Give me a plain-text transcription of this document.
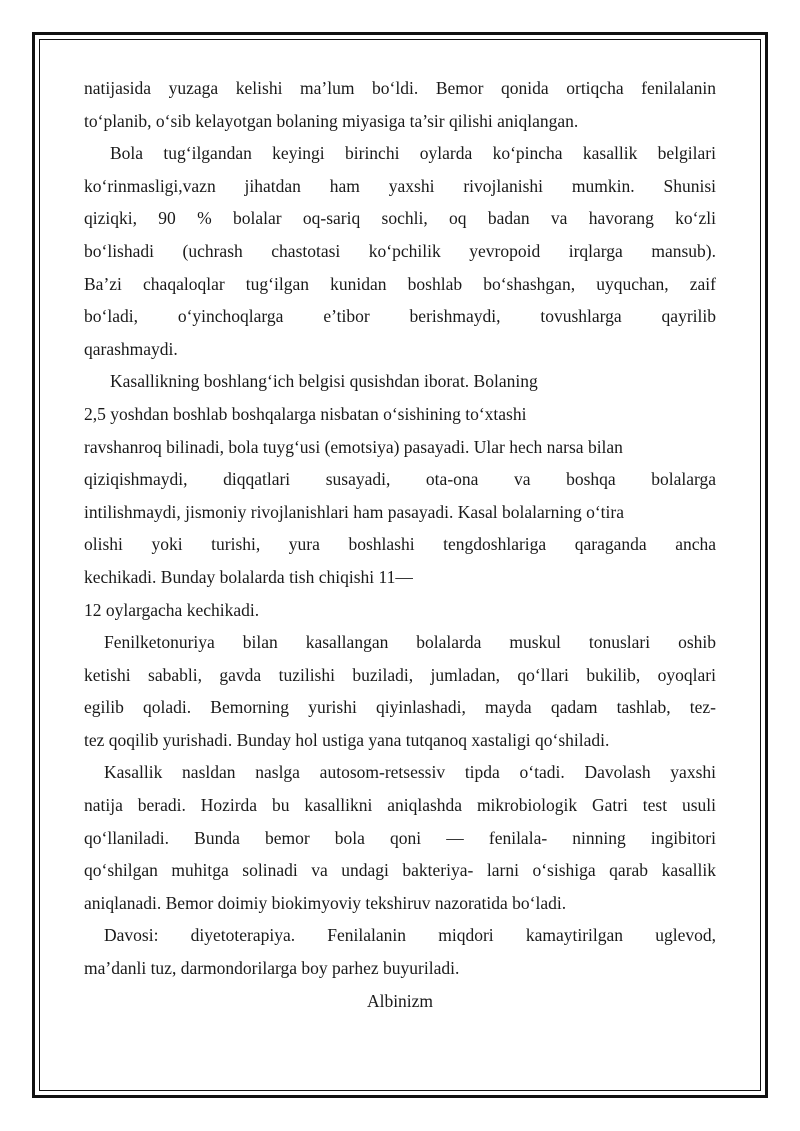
natijasida yuzaga kelishi ma’lum bo‘ldi. Bemor qonida ortiqcha fenilalanin
to‘planib, o‘sib kelayotgan bolaning miyasiga ta’sir qilishi aniqlangan.
Bola tug‘ilgandan keyingi birinchi oylarda ko‘pincha kasallik belgilari
ko‘rinmasligi,vazn jihatdan ham yaxshi rivojlanishi mumkin. Shunisi
qiziqki, 90 % bolalar oq-sariq sochli, oq badan va havorang ko‘zli
bo‘lishadi (uchrash chastotasi ko‘pchilik yevropoid irqlarga mansub).
Ba’zi chaqaloqlar tug‘ilgan kunidan boshlab bo‘shashgan, uyquchan, zaif
bo‘ladi, o‘yinchoqlarga e’tibor berishmaydi, tovushlarga qayrilib
qarashmaydi.
Kasallikning boshlang‘ich belgisi qusishdan iborat. Bolaning
2,5 yoshdan boshlab boshqalarga nisbatan o‘sishining to‘xtashi
ravshanroq bilinadi, bola tuyg‘usi (emotsiya) pasayadi. Ular hech narsa bilan
qiziqishmaydi, diqqatlari susayadi, ota-ona va boshqa bolalarga
intilishmaydi, jismoniy rivojlanishlari ham pasayadi. Kasal bolalarning o‘tira
olishi yoki turishi, yura boshlashi tengdoshlariga qaraganda ancha
kechikadi. Bunday bolalarda tish chiqishi 11—
12 oylargacha kechikadi.
Fenilketonuriya bilan kasallangan bolalarda muskul tonuslari oshib
ketishi sababli, gavda tuzilishi buziladi, jumladan, qo‘llari bukilib, oyoqlari
egilib qoladi. Bemorning yurishi qiyinlashadi, mayda qadam tashlab, tez-
tez qoqilib yurishadi. Bunday hol ustiga yana tutqanoq xastaligi qo‘shiladi.
Kasallik nasldan naslga autosom-retsessiv tipda o‘tadi. Davolash yaxshi
natija beradi. Hozirda bu kasallikni aniqlashda mikrobiologik Gatri test usuli
qo‘llaniladi. Bunda bemor bola qoni — fenilala- ninning ingibitori
qo‘shilgan muhitga solinadi va undagi bakteriya- larni o‘sishiga qarab kasallik
aniqlanadi. Bemor doimiy biokimyoviy tekshiruv nazoratida bo‘ladi.
Davosi: diyetoterapiya. Fenilalanin miqdori kamaytirilgan uglevod,
ma’danli tuz, darmondorilarga boy parhez buyuriladi.
Albinizm
